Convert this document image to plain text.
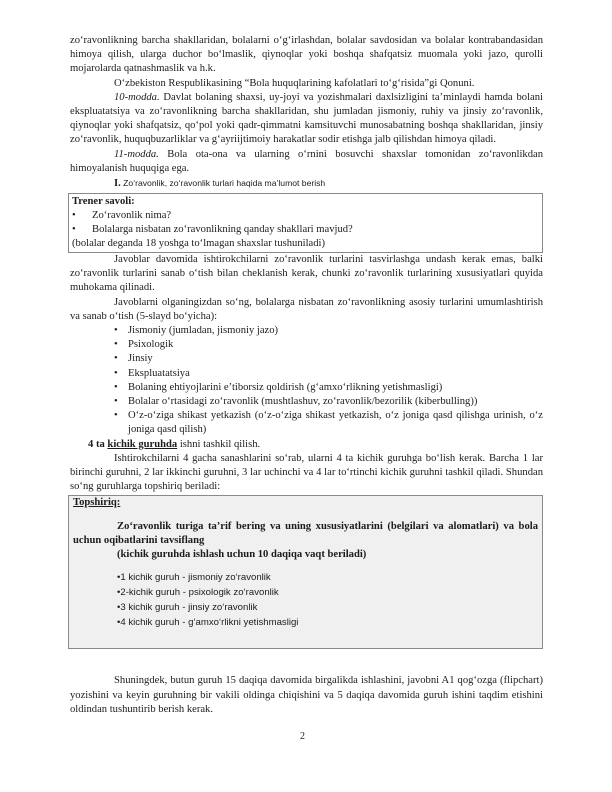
zo‘ravonlikning barcha shakllaridan, bolalarni o‘g‘irlashdan, bolalar savdosidan va bolalar kontrabandasidan himoya qilish, ularga duchor bo‘lmaslik, qiynoqlar yoki boshqa shafqatsiz muomala yoki jazo, qurolli mojarolarda qatnashmaslik va h.k.

O‘zbekiston Respublikasining “Bola huquqlarining kafolatlari to‘g‘risida”gi Qonuni.

10-modda. Davlat bolaning shaxsi, uy-joyi va yozishmalari daxlsizligini ta’minlaydi hamda bolani ekspluatatsiya va zo‘ravonlikning barcha shakllaridan, shu jumladan jismoniy, ruhiy va jinsiy zo‘ravonlik, qiynoqlar yoki shafqatsiz, qo‘pol yoki qadr-qimmatni kamsituvchi munosabatning boshqa shakllaridan, jinsiy zo‘ravonlik, huquqbuzarliklar va g‘ayriijtimoiy harakatlar sodir etishga jalb qilishdan himoya qiladi.

11-modda. Bola ota-ona va ularning o‘rnini bosuvchi shaxslar tomonidan zo‘ravonlikdan himoyalanish huquqiga ega.

I. Zo‘ravonlik, zo‘ravonlik turlari haqida ma’lumot berish
Trener savoli:
• Zo‘ravonlik nima?
• Bolalarga nisbatan zo‘ravonlikning qanday shakllari mavjud?
(bolalar deganda 18 yoshga to‘lmagan shaxslar tushuniladi)

Javoblar davomida ishtirokchilarni zo‘ravonlik turlarini tasvirlashga undash kerak emas, balki zo‘ravonlik turlarini sanab o‘tish bilan cheklanish kerak, chunki zo‘ravonlik turlarining xususiyatlari quyida muhokama qilinadi.

Javoblarni olganingizdan so‘ng, bolalarga nisbatan zo‘ravonlikning asosiy turlarini umumlashtirish va sanab o‘tish (5-slayd bo‘yicha):

• Jismoniy (jumladan, jismoniy jazo)
• Psixologik
• Jinsiy
• Ekspluatatsiya
• Bolaning ehtiyojlarini e’tiborsiz qoldirish (g‘amxo‘rlikning yetishmasligi)
• Bolalar o‘rtasidagi zo‘ravonlik (mushtlashuv, zo‘ravonlik/bezorilik (kiberbulling))
• O‘z-o‘ziga shikast yetkazish (o‘z-o‘ziga shikast yetkazish, o‘z joniga qasd qilishga urinish, o‘z joniga qasd qilish)
4 ta kichik guruhda ishni tashkil qilish.

Ishtirokchilarni 4 gacha sanashlarini so‘rab, ularni 4 ta kichik guruhga bo‘lish kerak. Barcha 1 lar birinchi guruhni, 2 lar ikkinchi guruhni, 3 lar uchinchi va 4 lar to‘rtinchi kichik guruhni tashkil qiladi. Shundan so‘ng guruhlarga topshiriq beriladi:

Topshiriq:
Zo‘ravonlik turiga ta’rif bering va uning xususiyatlarini (belgilari va alomatlari) va bola uchun oqibatlarini tavsiflang
(kichik guruhda ishlash uchun 10 daqiqa vaqt beriladi)
•1 kichik guruh - jismoniy zo‘ravonlik
•2-kichik guruh - psixologik zo‘ravonlik
•3 kichik guruh - jinsiy zo‘ravonlik
•4 kichik guruh - g‘amxo‘rlikni yetishmasligi

Shuningdek, butun guruh 15 daqiqa davomida birgalikda ishlashini, javobni A1 qog‘ozga (flipchart) yozishini va keyin guruhning bir vakili oldinga chiqishini va 5 daqiqa davomida guruh ishini taqdim etishini oldindan tushuntirib berish kerak.

2
